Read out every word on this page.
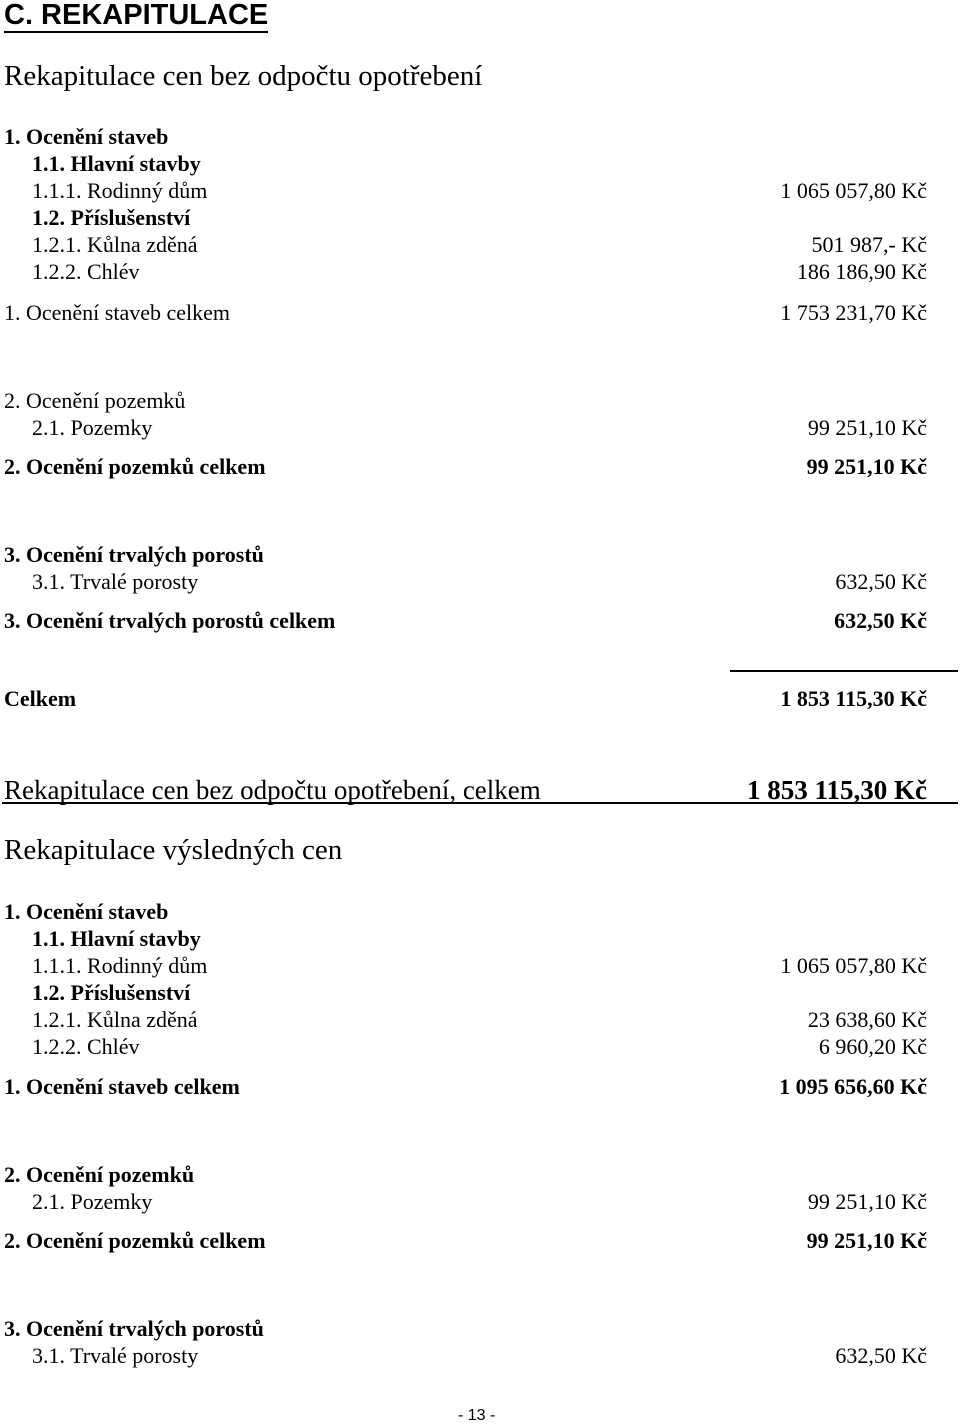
C. REKAPITULACE
Rekapitulace cen bez odpočtu opotřebení
1. Ocenění staveb
1.1. Hlavní stavby
1.1.1. Rodinný dům	1 065 057,80 Kč
1.2. Příslušenství
1.2.1. Kůlna zděná	501 987,- Kč
1.2.2. Chlév	186 186,90 Kč
1. Ocenění staveb celkem	1 753 231,70 Kč
2. Ocenění pozemků
2.1. Pozemky	99 251,10 Kč
2. Ocenění pozemků celkem	99 251,10 Kč
3. Ocenění trvalých porostů
3.1. Trvalé porosty	632,50 Kč
3. Ocenění trvalých porostů celkem	632,50 Kč
Celkem	1 853 115,30 Kč
Rekapitulace cen bez odpočtu opotřebení, celkem	1 853 115,30 Kč
Rekapitulace výsledných cen
1. Ocenění staveb
1.1. Hlavní stavby
1.1.1. Rodinný dům	1 065 057,80 Kč
1.2. Příslušenství
1.2.1. Kůlna zděná	23 638,60 Kč
1.2.2. Chlév	6 960,20 Kč
1. Ocenění staveb celkem	1 095 656,60 Kč
2. Ocenění pozemků
2.1. Pozemky	99 251,10 Kč
2. Ocenění pozemků celkem	99 251,10 Kč
3. Ocenění trvalých porostů
3.1. Trvalé porosty	632,50 Kč
- 13 -
